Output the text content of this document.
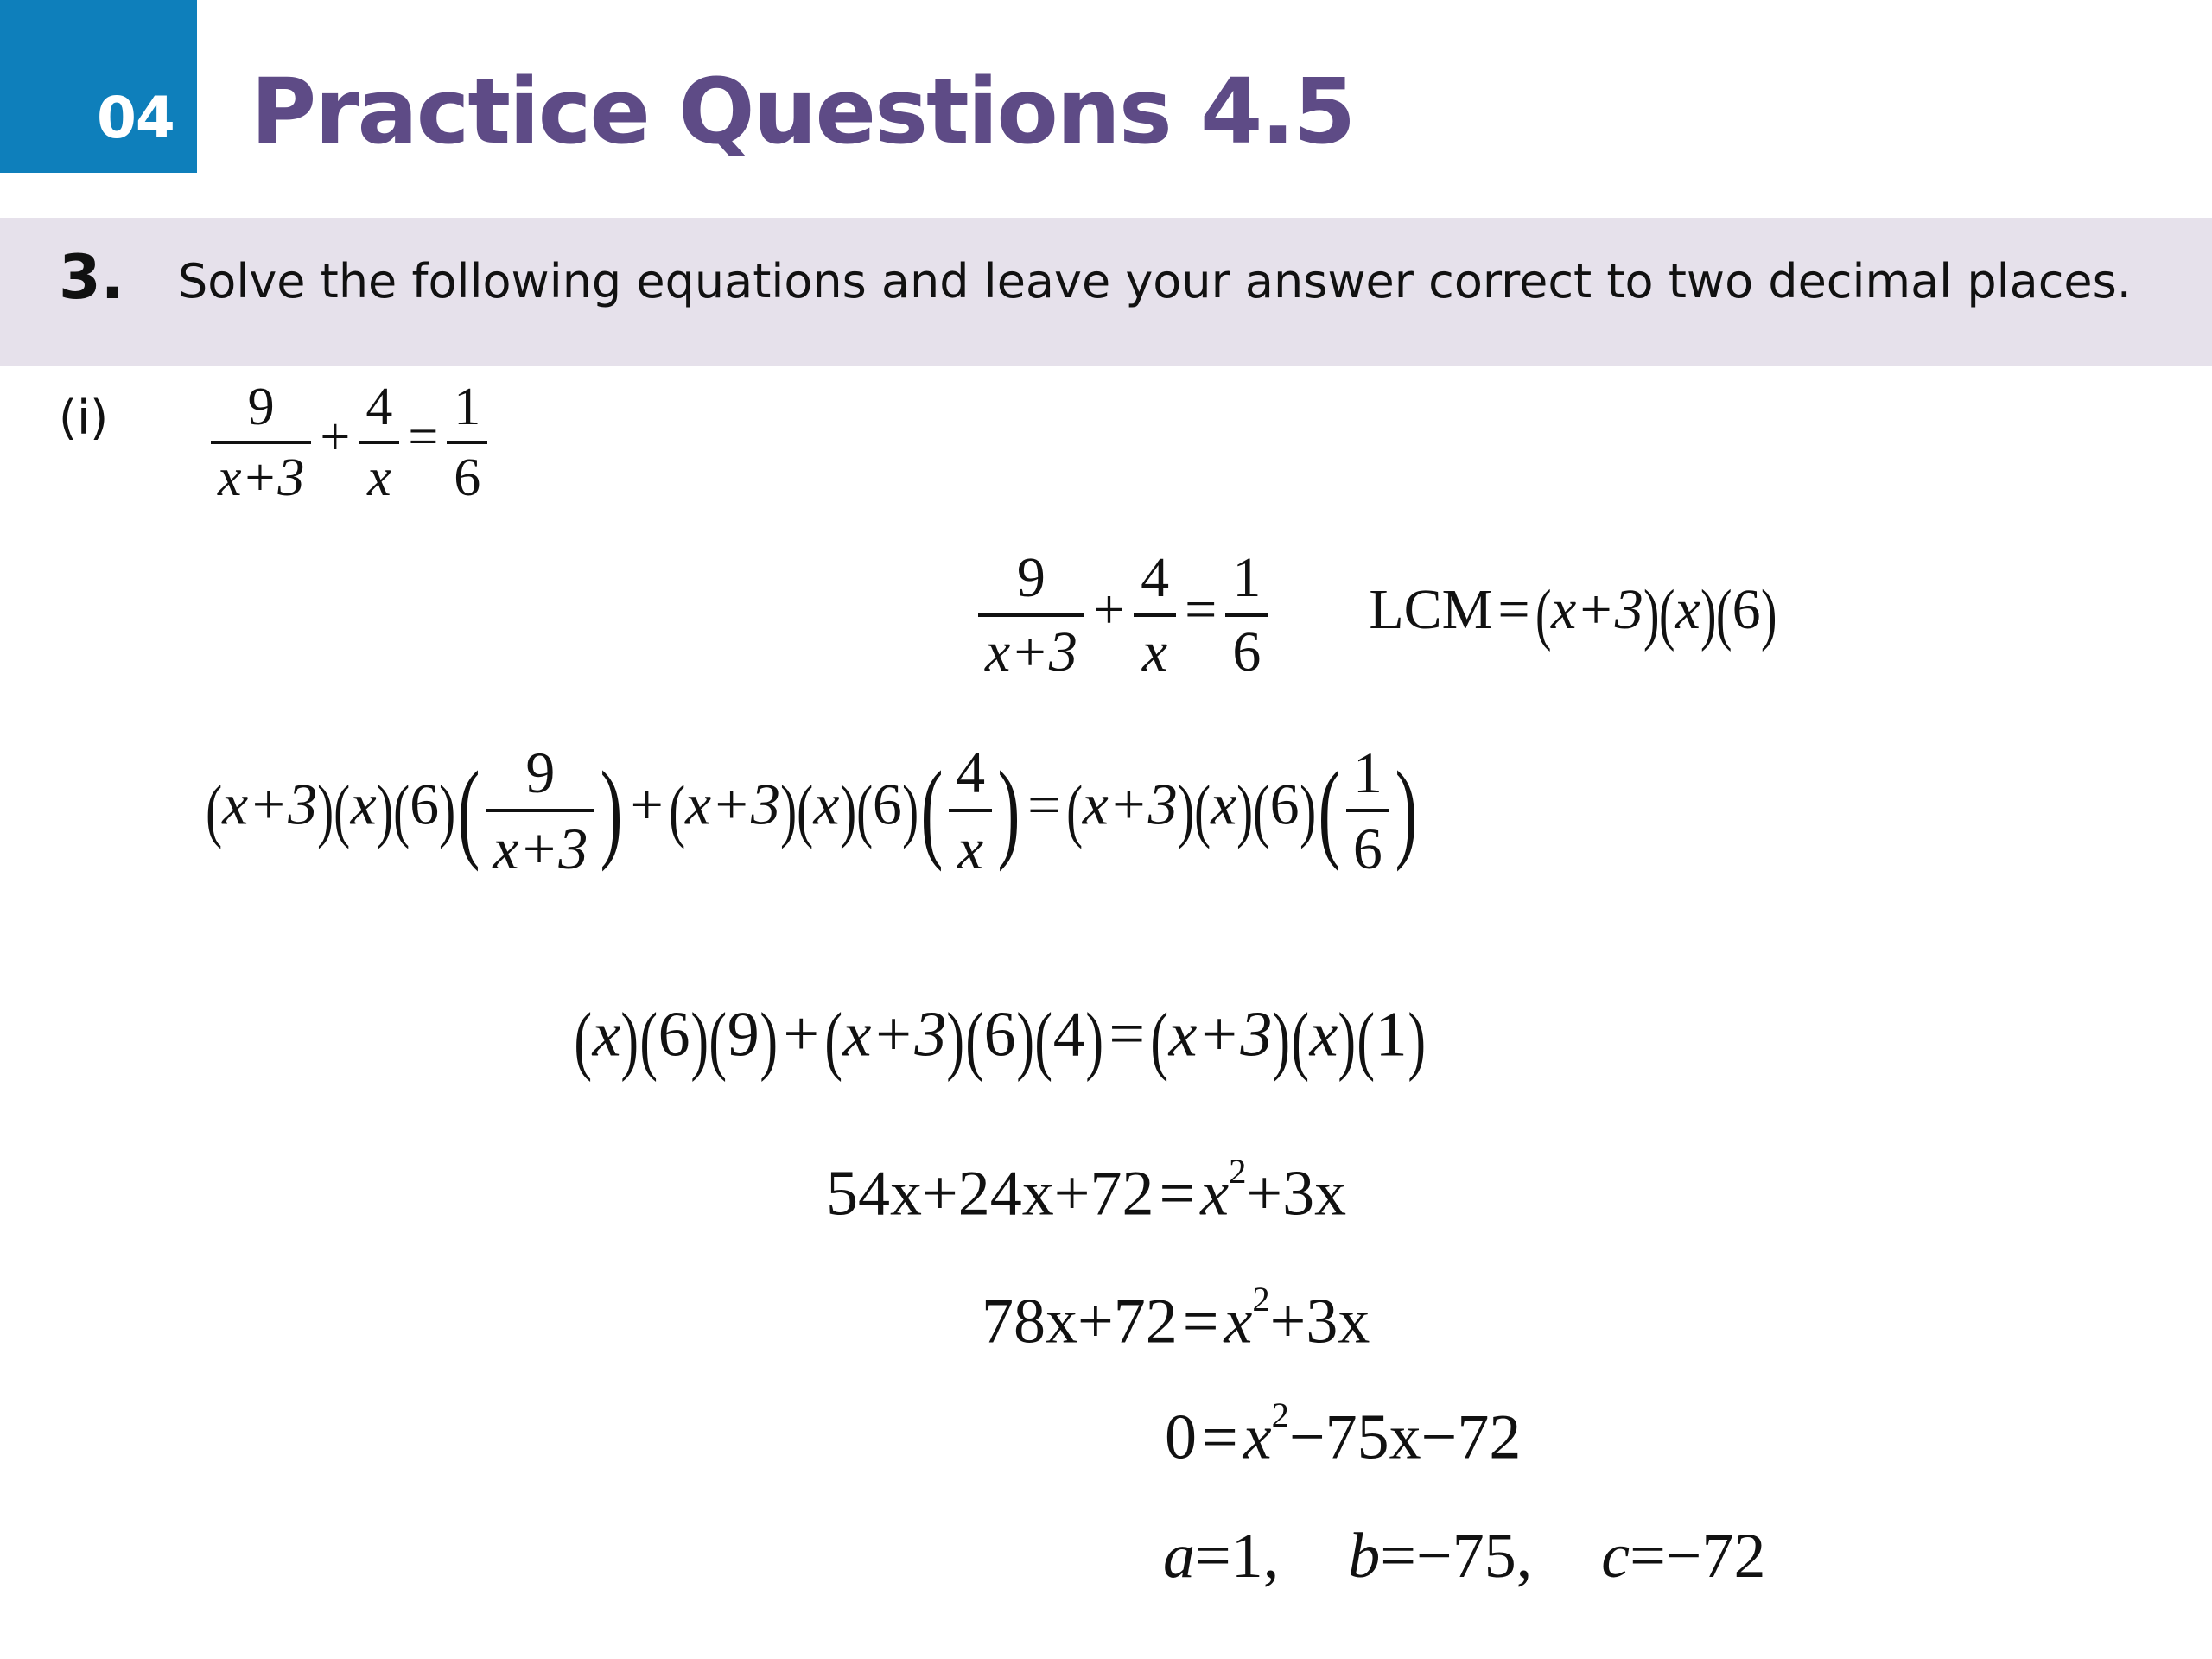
04 Practice Questions 4.5
3. Solve the following equations and leave your answer correct to two decimal places.
$(i) \frac{9}{x+3} + \frac{4}{x} = \frac{1}{6}$
$\frac{9}{x+3} + \frac{4}{x} = \frac{1}{6} LCM=(x+3)(x)(6)$
$(x+3)(x)(6)( \frac{9}{x+3}$ ) $+(x+3)(x)(6)( \frac{4}{x}$ ) $=(x+3)(x)(6)( \frac{1}{6}$ )
(x)(6)(9)+(x+3)(6)(4)=(x+3)(x)(1)
$54x+24x+72=x^2+3x$
$78x+72=x^2+3x$
$0=x^2-75x-72$
a=1, b=−75, c=−72
